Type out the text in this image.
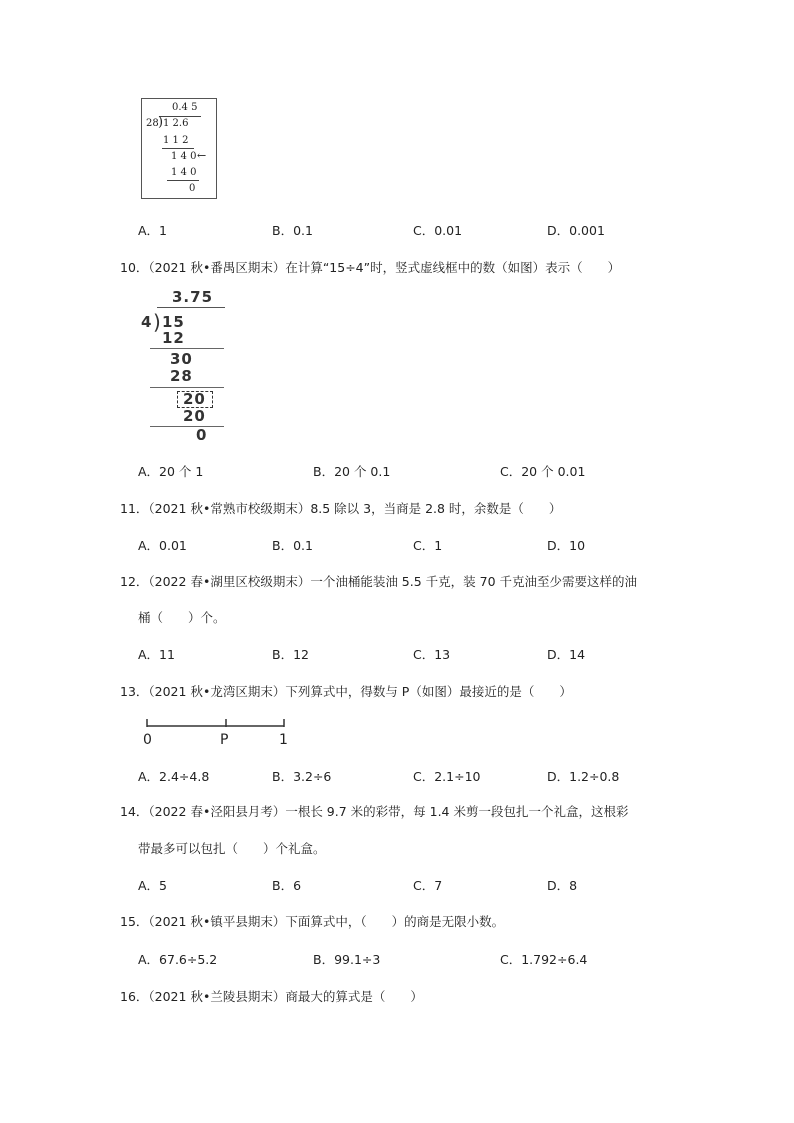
0.4 5
28 ) 1 2.6
1 1 2
1 4 0 ←
1 4 0
0
A．1	B．0.1	C．0.01	D．0.001
10．（2021 秋•番禺区期末）在计算“15÷4”时，竖式虚线框中的数（如图）表示（　　）
3.75
4 ) 15
12
30
28
20
20
0
A．20 个 1	B．20 个 0.1	C．20 个 0.01
11．（2021 秋•常熟市校级期末）8.5 除以 3，当商是 2.8 时，余数是（　　）
A．0.01	B．0.1	C．1	D．10
12．（2022 春•湖里区校级期末）一个油桶能装油 5.5 千克，装 70 千克油至少需要这样的油
桶（　　）个。
A．11	B．12	C．13	D．14
13．（2021 秋•龙湾区期末）下列算式中，得数与 P（如图）最接近的是（　　）
0	P	1
A．2.4÷4.8	B．3.2÷6	C．2.1÷10	D．1.2÷0.8
14．（2022 春•泾阳县月考）一根长 9.7 米的彩带，每 1.4 米剪一段包扎一个礼盒，这根彩
带最多可以包扎（　　）个礼盒。
A．5	B．6	C．7	D．8
15．（2021 秋•镇平县期末）下面算式中，（　　）的商是无限小数。
A．67.6÷5.2	B．99.1÷3	C．1.792÷6.4
16．（2021 秋•兰陵县期末）商最大的算式是（　　）
